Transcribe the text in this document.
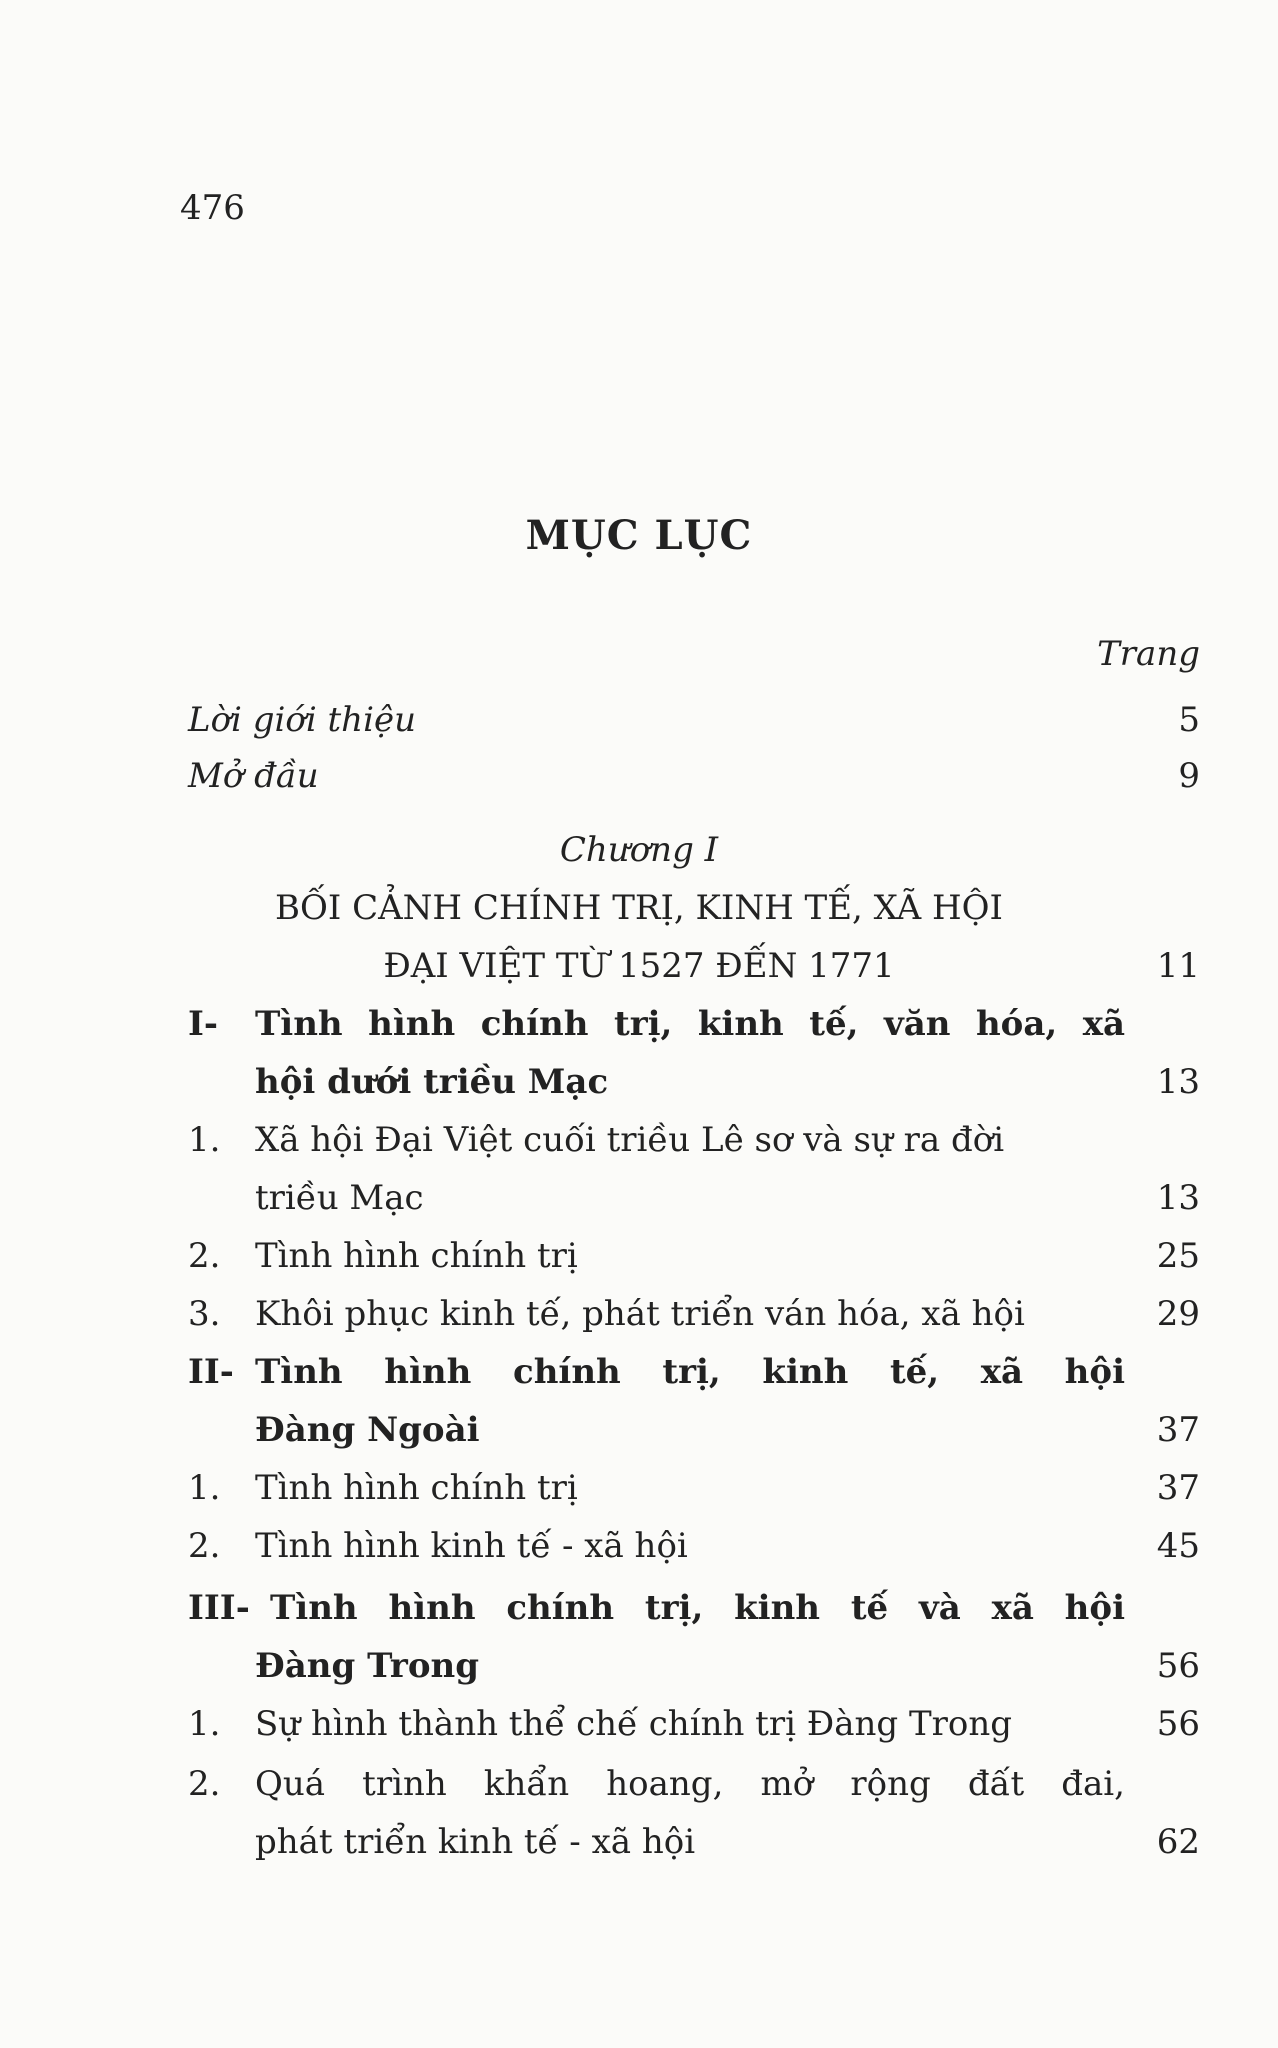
476
MỤC LỤC
Trang
Lời giới thiệu	5
Mở đầu	9
Chương I
BỐI CẢNH CHÍNH TRỊ, KINH TẾ, XÃ HỘI
ĐẠI VIỆT TỪ 1527 ĐẾN 1771	11
I- Tình hình chính trị, kinh tế, văn hóa, xã
hội dưới triều Mạc	13
1. Xã hội Đại Việt cuối triều Lê sơ và sự ra đời
triều Mạc	13
2. Tình hình chính trị	25
3. Khôi phục kinh tế, phát triển ván hóa, xã hội	29
II- Tình hình chính trị, kinh tế, xã hội
Đàng Ngoài	37
1. Tình hình chính trị	37
2. Tình hình kinh tế - xã hội	45
III- Tình hình chính trị, kinh tế và xã hội
Đàng Trong	56
1. Sự hình thành thể chế chính trị Đàng Trong	56
2. Quá trình khẩn hoang, mở rộng đất đai,
phát triển kinh tế - xã hội	62
